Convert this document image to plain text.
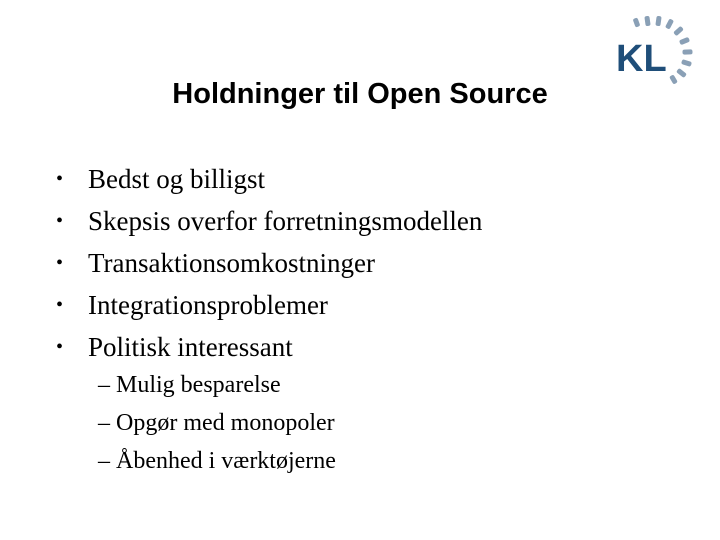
KL
Holdninger til Open Source
• Bedst og billigst
• Skepsis overfor forretningsmodellen
• Transaktionsomkostninger
• Integrationsproblemer
• Politisk interessant
– Mulig besparelse
– Opgør med monopoler
– Åbenhed i værktøjerne
